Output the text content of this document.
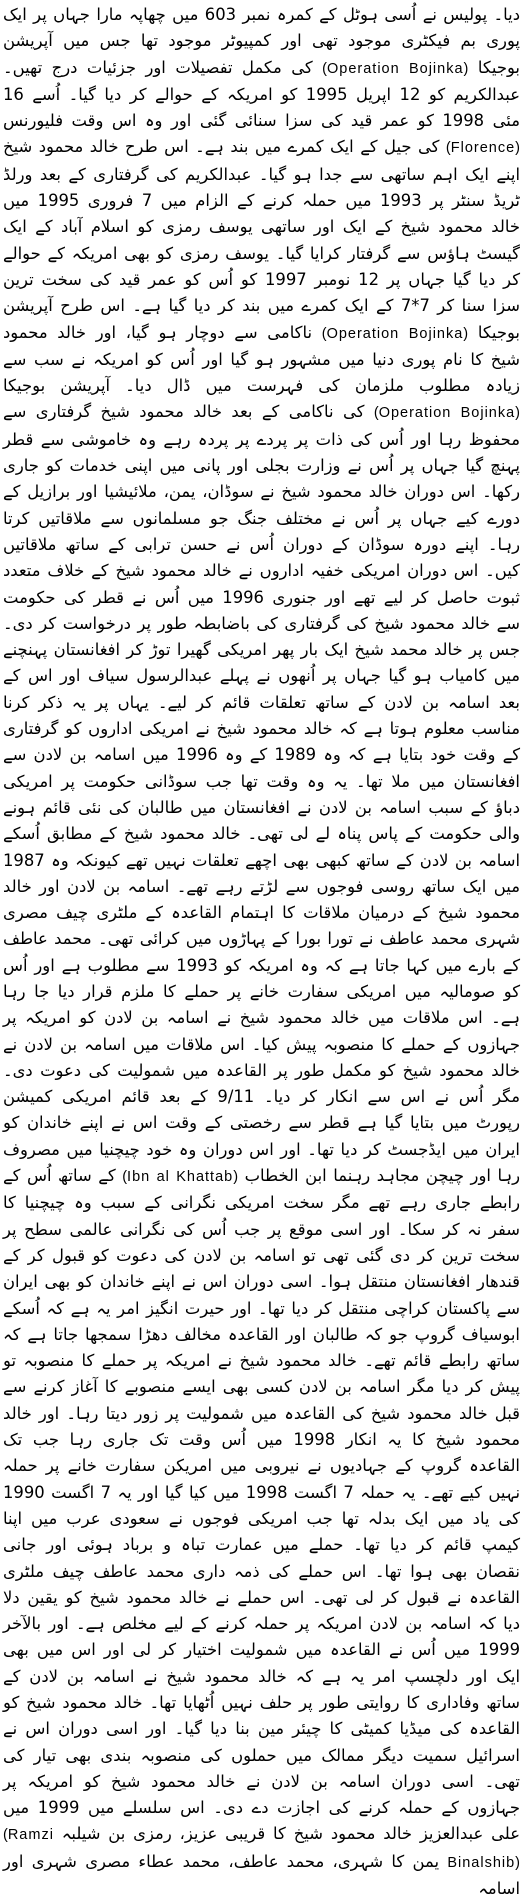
دیا۔ پولیس نے اُسی ہوٹل کے کمرہ نمبر 603 میں چھاپہ مارا جہاں پر ایک پوری بم فیکٹری موجود تھی اور کمپیوٹر موجود تھا جس میں آپریشن بوجیکا (Operation Bojinka) کی مکمل تفصیلات اور جزئیات درج تھیں۔ عبدالکریم کو 12 اپریل 1995 کو امریکہ کے حوالے کر دیا گیا۔ اُسے 16 مئی 1998 کو عمر قید کی سزا سنائی گئی اور وہ اس وقت فلیورنس (Florence) کی جیل کے ایک کمرے میں بند ہے۔ اس طرح خالد محمود شیخ اپنے ایک اہم ساتھی سے جدا ہو گیا۔ عبدالکریم کی گرفتاری کے بعد ورلڈ ٹریڈ سنٹر پر 1993 میں حملہ کرنے کے الزام میں 7 فروری 1995 میں خالد محمود شیخ کے ایک اور ساتھی یوسف رمزی کو اسلام آباد کے ایک گیسٹ ہاؤس سے گرفتار کرایا گیا۔ یوسف رمزی کو بھی امریکہ کے حوالے کر دیا گیا جہاں پر 12 نومبر 1997 کو اُس کو عمر قید کی سخت ترین سزا سنا کر 7*7 کے ایک کمرے میں بند کر دیا گیا ہے۔ اس طرح آپریشن بوجیکا (Operation Bojinka) ناکامی سے دوچار ہو گیا، اور خالد محمود شیخ کا نام پوری دنیا میں مشہور ہو گیا اور اُس کو امریکہ نے سب سے زیادہ مطلوب ملزمان کی فہرست میں ڈال دیا۔ آپریشن بوجیکا (Operation Bojinka) کی ناکامی کے بعد خالد محمود شیخ گرفتاری سے محفوظ رہا اور اُس کی ذات پر پردے پر پردہ رہے وہ خاموشی سے قطر پہنچ گیا جہاں پر اُس نے وزارت بجلی اور پانی میں اپنی خدمات کو جاری رکھا۔ اس دوران خالد محمود شیخ نے سوڈان، یمن، ملائیشیا اور برازیل کے دورے کیے جہاں پر اُس نے مختلف جنگ جو مسلمانوں سے ملاقاتیں کرتا رہا۔ اپنے دورہ سوڈان کے دوران اُس نے حسن ترابی کے ساتھ ملاقاتیں کیں۔ اس دوران امریکی خفیہ اداروں نے خالد محمود شیخ کے خلاف متعدد ثبوت حاصل کر لیے تھے اور جنوری 1996 میں اُس نے قطر کی حکومت سے خالد محمود شیخ کی گرفتاری کی باضابطہ طور پر درخواست کر دی۔ جس پر خالد محمد شیخ ایک بار پھر امریکی گھیرا توڑ کر افغانستان پہنچنے میں کامیاب ہو گیا جہاں پر اُنھوں نے پہلے عبدالرسول سیاف اور اس کے بعد اسامہ بن لادن کے ساتھ تعلقات قائم کر لیے۔ یہاں پر یہ ذکر کرنا مناسب معلوم ہوتا ہے کہ خالد محمود شیخ نے امریکی اداروں کو گرفتاری کے وقت خود بتایا ہے کہ وہ 1989 کے وہ 1996 میں اسامہ بن لادن سے افغانستان میں ملا تھا۔ یہ وہ وقت تھا جب سوڈانی حکومت پر امریکی دباؤ کے سبب اسامہ بن لادن نے افغانستان میں طالبان کی نئی قائم ہونے والی حکومت کے پاس پناہ لے لی تھی۔ خالد محمود شیخ کے مطابق اُسکے اسامہ بن لادن کے ساتھ کبھی بھی اچھے تعلقات نہیں تھے کیونکہ وہ 1987 میں ایک ساتھ روسی فوجوں سے لڑتے رہے تھے۔ اسامہ بن لادن اور خالد محمود شیخ کے درمیان ملاقات کا اہتمام القاعدہ کے ملٹری چیف مصری شہری محمد عاطف نے تورا بورا کے پہاڑوں میں کرائی تھی۔ محمد عاطف کے بارے میں کہا جاتا ہے کہ وہ امریکہ کو 1993 سے مطلوب ہے اور اُس کو صومالیہ میں امریکی سفارت خانے پر حملے کا ملزم قرار دیا جا رہا ہے۔ اس ملاقات میں خالد محمود شیخ نے اسامہ بن لادن کو امریکہ پر جہازوں کے حملے کا منصوبہ پیش کیا۔ اس ملاقات میں اسامہ بن لادن نے خالد محمود شیخ کو مکمل طور پر القاعدہ میں شمولیت کی دعوت دی۔ مگر اُس نے اس سے انکار کر دیا۔ 9/11 کے بعد قائم امریکی کمیشن رپورٹ میں بتایا گیا ہے قطر سے رخصتی کے وقت اس نے اپنے خاندان کو ایران میں ایڈجسٹ کر دیا تھا۔ اور اس دوران وہ خود چیچنیا میں مصروف رہا اور چیچن مجاہد رہنما ابن الخطاب (Ibn al Khattab) کے ساتھ اُس کے رابطے جاری رہے تھے مگر سخت امریکی نگرانی کے سبب وہ چیچنیا کا سفر نہ کر سکا۔ اور اسی موقع پر جب اُس کی نگرانی عالمی سطح پر سخت ترین کر دی گئی تھی تو اسامہ بن لادن کی دعوت کو قبول کر کے قندھار افغانستان منتقل ہوا۔ اسی دوران اس نے اپنے خاندان کو بھی ایران سے پاکستان کراچی منتقل کر دیا تھا۔ اور حیرت انگیز امر یہ ہے کہ اُسکے ابوسیاف گروپ جو کہ طالبان اور القاعدہ مخالف دھڑا سمجھا جاتا ہے کہ ساتھ رابطے قائم تھے۔ خالد محمود شیخ نے امریکہ پر حملے کا منصوبہ تو پیش کر دیا مگر اسامہ بن لادن کسی بھی ایسے منصوبے کا آغاز کرنے سے قبل خالد محمود شیخ کی القاعدہ میں شمولیت پر زور دیتا رہا۔ اور خالد محمود شیخ کا یہ انکار 1998 میں اُس وقت تک جاری رہا جب تک القاعدہ گروپ کے جہادیوں نے نیروبی میں امریکن سفارت خانے پر حملہ نہیں کیے تھے۔ یہ حملہ 7 اگست 1998 میں کیا گیا اور یہ 7 اگست 1990 کی یاد میں ایک بدلہ تھا جب امریکی فوجوں نے سعودی عرب میں اپنا کیمپ قائم کر دیا تھا۔ حملے میں عمارت تباہ و برباد ہوئی اور جانی نقصان بھی ہوا تھا۔ اس حملے کی ذمہ داری محمد عاطف چیف ملٹری القاعدہ نے قبول کر لی تھی۔ اس حملے نے خالد محمود شیخ کو یقین دلا دیا کہ اسامہ بن لادن امریکہ پر حملہ کرنے کے لیے مخلص ہے۔ اور بالآخر 1999 میں اُس نے القاعدہ میں شمولیت اختیار کر لی اور اس میں بھی ایک اور دلچسپ امر یہ ہے کہ خالد محمود شیخ نے اسامہ بن لادن کے ساتھ وفاداری کا روایتی طور پر حلف نہیں اُٹھایا تھا۔ خالد محمود شیخ کو القاعدہ کی میڈیا کمیٹی کا چیئر مین بنا دیا گیا۔ اور اسی دوران اس نے اسرائیل سمیت دیگر ممالک میں حملوں کی منصوبہ بندی بھی تیار کی تھی۔ اسی دوران اسامہ بن لادن نے خالد محمود شیخ کو امریکہ پر جہازوں کے حملہ کرنے کی اجازت دے دی۔ اس سلسلے میں 1999 میں علی عبدالعزیز خالد محمود شیخ کا قریبی عزیز، رمزی بن شیلبہ (Ramzi Binalshib) یمن کا شہری، محمد عاطف، محمد عطاء مصری شہری اور اسامہ
